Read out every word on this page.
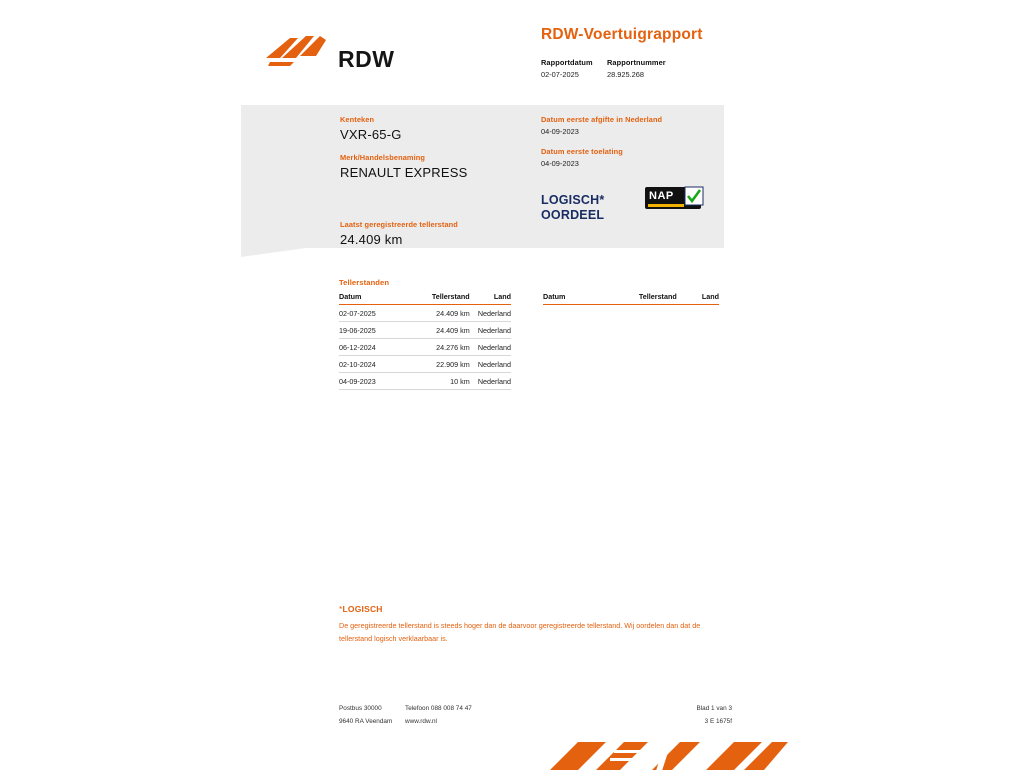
RDW
RDW-Voertuigrapport
Rapportdatum
02-07-2025
Rapportnummer
28.925.268
Kenteken
VXR-65-G
Merk/Handelsbenaming
RENAULT EXPRESS
Laatst geregistreerde tellerstand
24.409 km
Datum eerste afgifte in Nederland
04-09-2023
Datum eerste toelating
04-09-2023
LOGISCH*
OORDEEL
NAP
Tellerstanden
Datum	Tellerstand	Land
02-07-2025	24.409 km	Nederland
19-06-2025	24.409 km	Nederland
06-12-2024	24.276 km	Nederland
02-10-2024	22.909 km	Nederland
04-09-2023	10 km	Nederland
Datum	Tellerstand	Land
*LOGISCH
De geregistreerde tellerstand is steeds hoger dan de daarvoor geregistreerde tellerstand. Wij oordelen dan dat de tellerstand logisch verklaarbaar is.
Postbus 30000
9640 RA Veendam
Telefoon 088 008 74 47
www.rdw.nl
Blad 1 van 3
3 E 1675f
